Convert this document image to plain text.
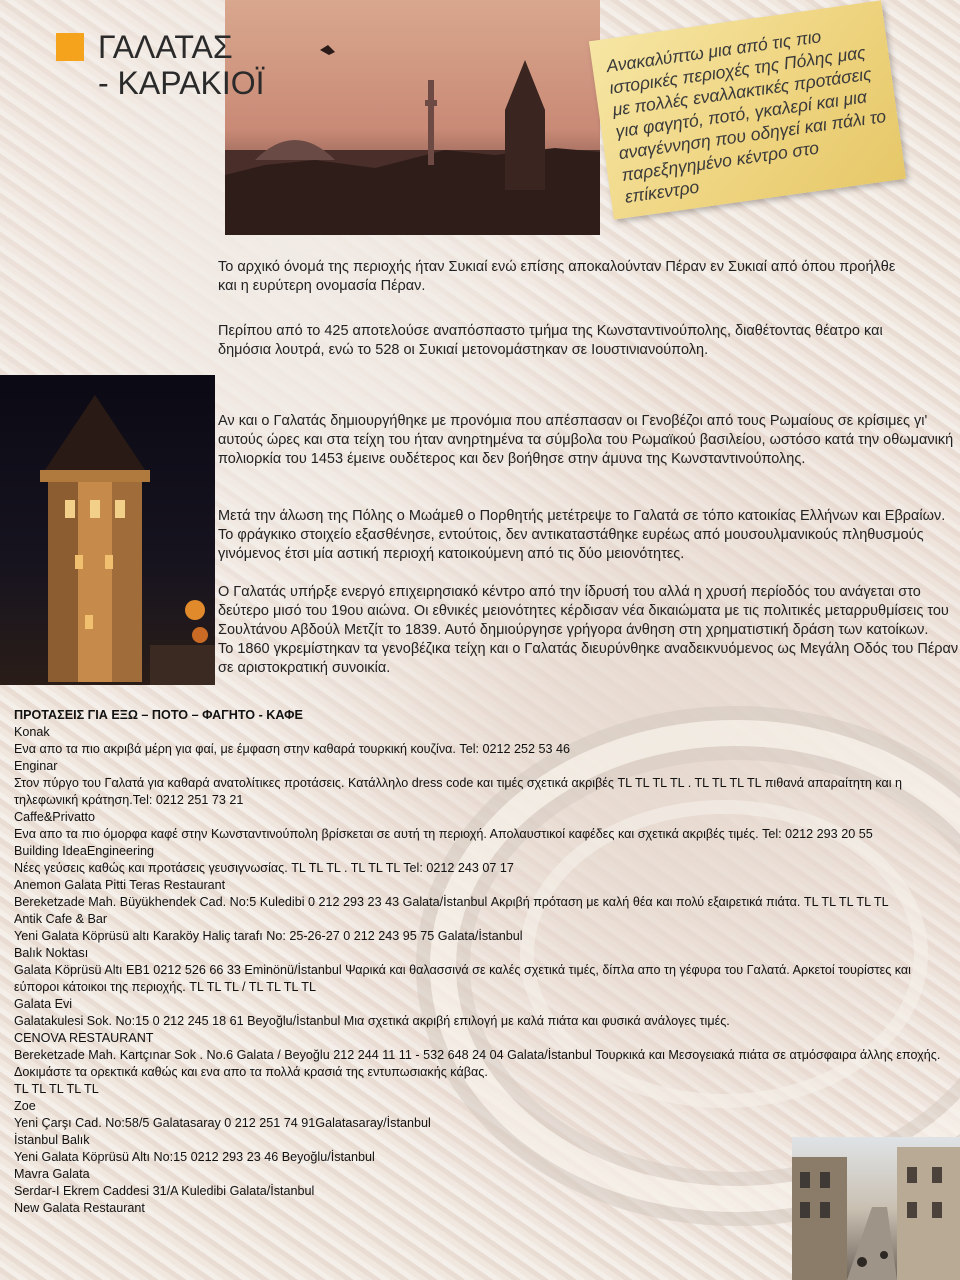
ΓΑΛΑΤΑΣ
- ΚΑΡΑΚΙΟΪ
Ανακαλύπτω μια από τις πιο ιστορικές περιοχές της Πόλης μας με πολλές εναλλακτικές προτάσεις για φαγητό, ποτό, γκαλερί και μια αναγέννηση που οδηγεί και πάλι το παρεξηγημένο κέντρο στο επίκεντρο
Το αρχικό όνομά της περιοχής ήταν Συκιαί ενώ επίσης αποκαλούνταν Πέραν εν Συκιαί από όπου προήλθε και η ευρύτερη ονομασία Πέραν.
Περίπου από το 425 αποτελούσε αναπόσπαστο τμήμα της Κωνσταντινούπολης, διαθέτοντας θέατρο και δημόσια λουτρά, ενώ το 528 οι Συκιαί μετονομάστηκαν σε Ιουστινιανούπολη.
Αν και ο Γαλατάς δημιουργήθηκε με προνόμια που απέσπασαν οι Γενοβέζοι από τους Ρωμαίους σε κρίσιμες γι' αυτούς ώρες και στα τείχη του ήταν ανηρτημένα τα σύμβολα του Ρωμαϊκού βασιλείου, ωστόσο κατά την οθωμανική πολιορκία του 1453 έμεινε ουδέτερος και δεν βοήθησε στην άμυνα της Κωνσταντινούπολης.
Μετά την άλωση της Πόλης ο Μωάμεθ ο Πορθητής μετέτρεψε το Γαλατά σε τόπο κατοικίας Ελλήνων και Εβραίων. Το φράγκικο στοιχείο εξασθένησε, εντούτοις, δεν αντικαταστάθηκε ευρέως από μουσουλμανικούς πληθυσμούς γινόμενος έτσι μία αστική περιοχή κατοικούμενη από τις δύο μειονότητες.
Ο Γαλατάς υπήρξε ενεργό επιχειρησιακό κέντρο από την ίδρυσή του αλλά η χρυσή περίοδός του ανάγεται στο δεύτερο μισό του 19ου αιώνα. Οι εθνικές μειονότητες κέρδισαν νέα δικαιώματα με τις πολιτικές μεταρρυθμίσεις του Σουλτάνου Αβδούλ Μετζίτ το 1839. Αυτό δημιούργησε γρήγορα άνθηση στη χρηματιστική δράση των κατοίκων.
Το 1860 γκρεμίστηκαν τα γενοβέζικα τείχη και ο Γαλατάς διευρύνθηκε αναδεικνυόμενος ως Μεγάλη Οδός του Πέραν σε αριστοκρατική συνοικία.
ΠΡΟΤΑΣΕΙΣ ΓΙΑ ΕΞΩ – ΠΟΤΟ – ΦΑΓΗΤΟ - ΚΑΦΕ
Konak
Ενα απο τα πιο ακριβά μέρη για φαί, με έμφαση στην καθαρά τουρκική κουζίνα. Tel: 0212 252 53 46
Enginar
Στον πύργο του Γαλατά για καθαρά ανατολίτικες προτάσεις. Κατάλληλο dress code και τιμές σχετικά ακριβές TL TL TL TL . TL TL TL TL πιθανά απαραίτητη και η τηλεφωνική κράτηση.Tel: 0212 251 73 21
Caffe&Privatto
Ενα απο τα πιο όμορφα καφέ στην Κωνσταντινούπολη βρίσκεται σε αυτή τη περιοχή. Απολαυστικοί καφέδες και σχετικά ακριβές τιμές. Tel: 0212 293 20 55
Building IdeaEngineering
Νέες γεύσεις καθώς και προτάσεις γευσιγνωσίας. TL TL TL . TL TL TL Tel: 0212 243 07 17
Anemon Galata Pitti Teras Restaurant
Bereketzade Mah. Büyükhendek Cad. No:5 Kuledibi 0 212 293 23 43 Galata/İstanbul Ακριβή πρόταση με καλή θέα και πολύ εξαιρετικά πιάτα. TL TL TL TL TL
Antik Cafe & Bar
Yeni Galata Köprüsü altı Karaköy Haliç tarafı No: 25-26-27 0 212 243 95 75 Galata/İstanbul
Balık Noktası
Galata Köprüsü Altı EB1 0212 526 66 33 Eminönü/İstanbul Ψαρικά και θαλασσινά σε καλές σχετικά τιμές, δίπλα απο τη γέφυρα του Γαλατά. Αρκετοί τουρίστες και εύπoροι κάτοικοι της περιοχής. TL TL TL / TL TL TL TL
Galata Evi
Galatakulesi Sok. No:15 0 212 245 18 61 Beyoğlu/İstanbul Μια σχετικά ακριβή επιλογή με καλά πιάτα και φυσικά ανάλογες τιμές.
CENOVA RESTAURANT
Bereketzade Mah. Kartçınar Sok . No.6 Galata / Beyoğlu 212 244 11 11 - 532 648 24 04 Galata/İstanbul Τουρκικά και Μεσογειακά πιάτα σε ατμόσφαιρα άλλης εποχής. Δοκιμάστε τα ορεκτικά καθώς και ενα απο τα πολλά κρασιά της εντυπωσιακής κάβας.
TL TL TL TL TL
Zoe
Yeni Çarşı Cad. No:58/5 Galatasaray 0 212 251 74 91Galatasaray/İstanbul
İstanbul Balık
Yeni Galata Köprüsü Altı No:15 0212 293 23 46 Beyoğlu/İstanbul
Mavra Galata
Serdar-I Ekrem Caddesi 31/A Kuledibi Galata/İstanbul
New Galata Restaurant
